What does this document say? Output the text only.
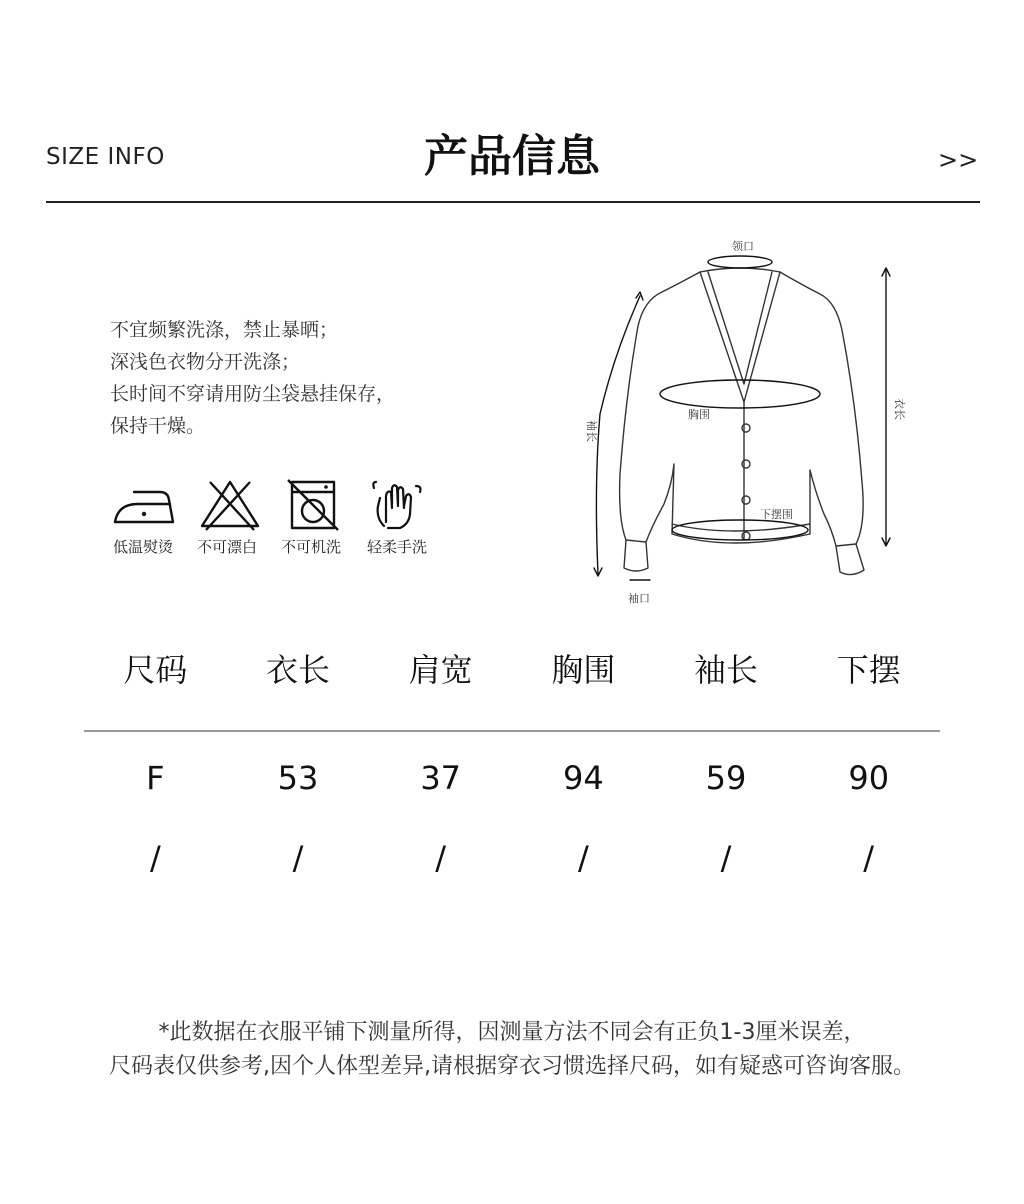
SIZE INFO	产品信息	>>
不宜频繁洗涤，禁止暴晒；
深浅色衣物分开洗涤；
长时间不穿请用防尘袋悬挂保存，
保持干燥。
低温熨烫	不可漂白	不可机洗	轻柔手洗
领口
胸围
下摆围
袖口
袖长
衣长
尺码	衣长	肩宽	胸围	袖长	下摆
F	53	37	94	59	90
/	/	/	/	/	/
*此数据在衣服平铺下测量所得，因测量方法不同会有正负1-3厘米误差，
尺码表仅供参考,因个人体型差异,请根据穿衣习惯选择尺码，如有疑惑可咨询客服。
